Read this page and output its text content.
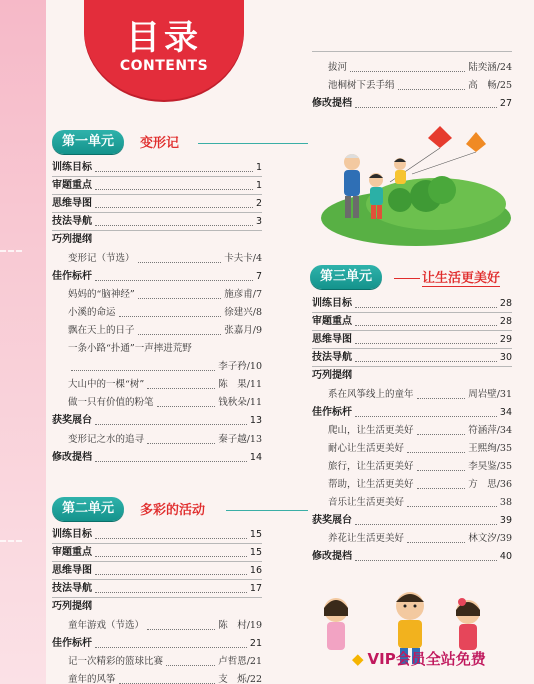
目录
CONTENTS
第一单元	变形记
训练目标	1
审题重点	1
思维导图	2
技法导航	3
巧列提纲
变形记（节选）	卡夫卡 /4
佳作标杆	7
妈妈的“脑神经”	施彦甫 /7
小溪的命运	徐建兴 /8
飘在天上的日子	张嘉月 /9
一条小路“扑通”一声摔进荒野
李子矜 /10
大山中的一棵“树”	陈　果 /11
做一只有价值的粉笔	钱秋朵 /11
获奖展台	13
变形记之水的追寻	秦子越 /13
修改提档	14
第二单元	多彩的活动
训练目标	15
审题重点	15
思维导图	16
技法导航	17
巧列提纲
童年游戏（节选）	陈　村 /19
佳作标杆	21
记一次精彩的篮球比赛	卢哲恩 /21
童年的风筝	支　烁 /22
拔河	陆奕涵 /24
池桐树下丢手绢	高　畅 /25
修改提档	27
第三单元	让生活更美好
训练目标	28
审题重点	28
思维导图	29
技法导航	30
巧列提纲
系在风筝线上的童年	周岩壁 /31
佳作标杆	34
爬山，让生活更美好	符涵萍 /34
耐心让生活更美好	王熙绚 /35
旅行，让生活更美好	李昊鉴 /35
帮助，让生活更美好	方　思 /36
音乐让生活更美好	38
获奖展台	39
养花让生活更美好	林文汐 /39
修改提档	40
◆ VIP会员全站免费
